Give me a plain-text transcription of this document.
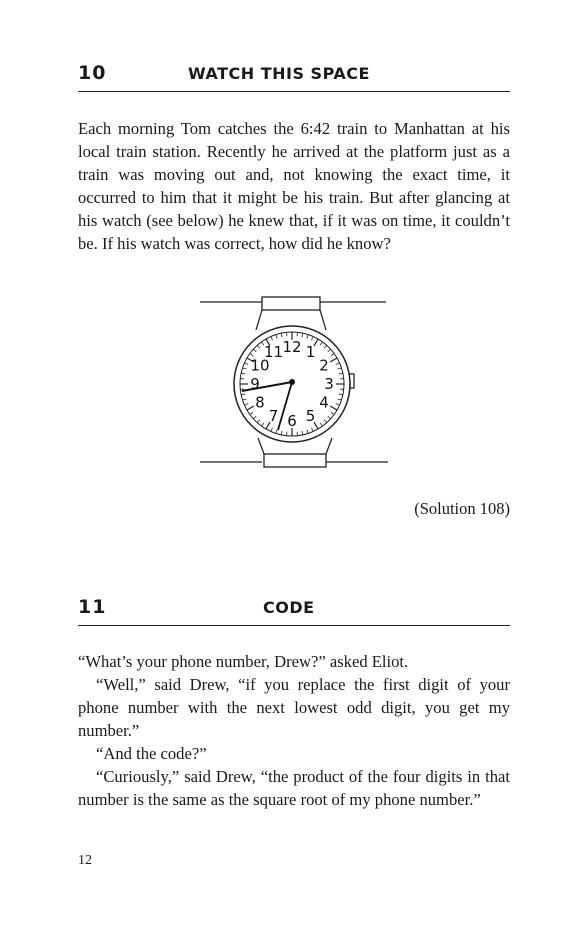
10	WATCH THIS SPACE

Each morning Tom catches the 6:42 train to Manhattan at his local train station. Recently he arrived at the platform just as a train was moving out and, not knowing the exact time, it occurred to him that it might be his train. But after glancing at his watch (see below) he knew that, if it was on time, it couldn’t be. If his watch was correct, how did he know?

12 1
2
3
4
5
6
7
8
9
10
11
(Solution 108)
11	CODE

“What’s your phone number, Drew?” asked Eliot.

“Well,” said Drew, “if you replace the first digit of your phone number with the next lowest odd digit, you get my number.”

“And the code?”

“Curiously,” said Drew, “the product of the four digits in that number is the same as the square root of my phone number.”

12
